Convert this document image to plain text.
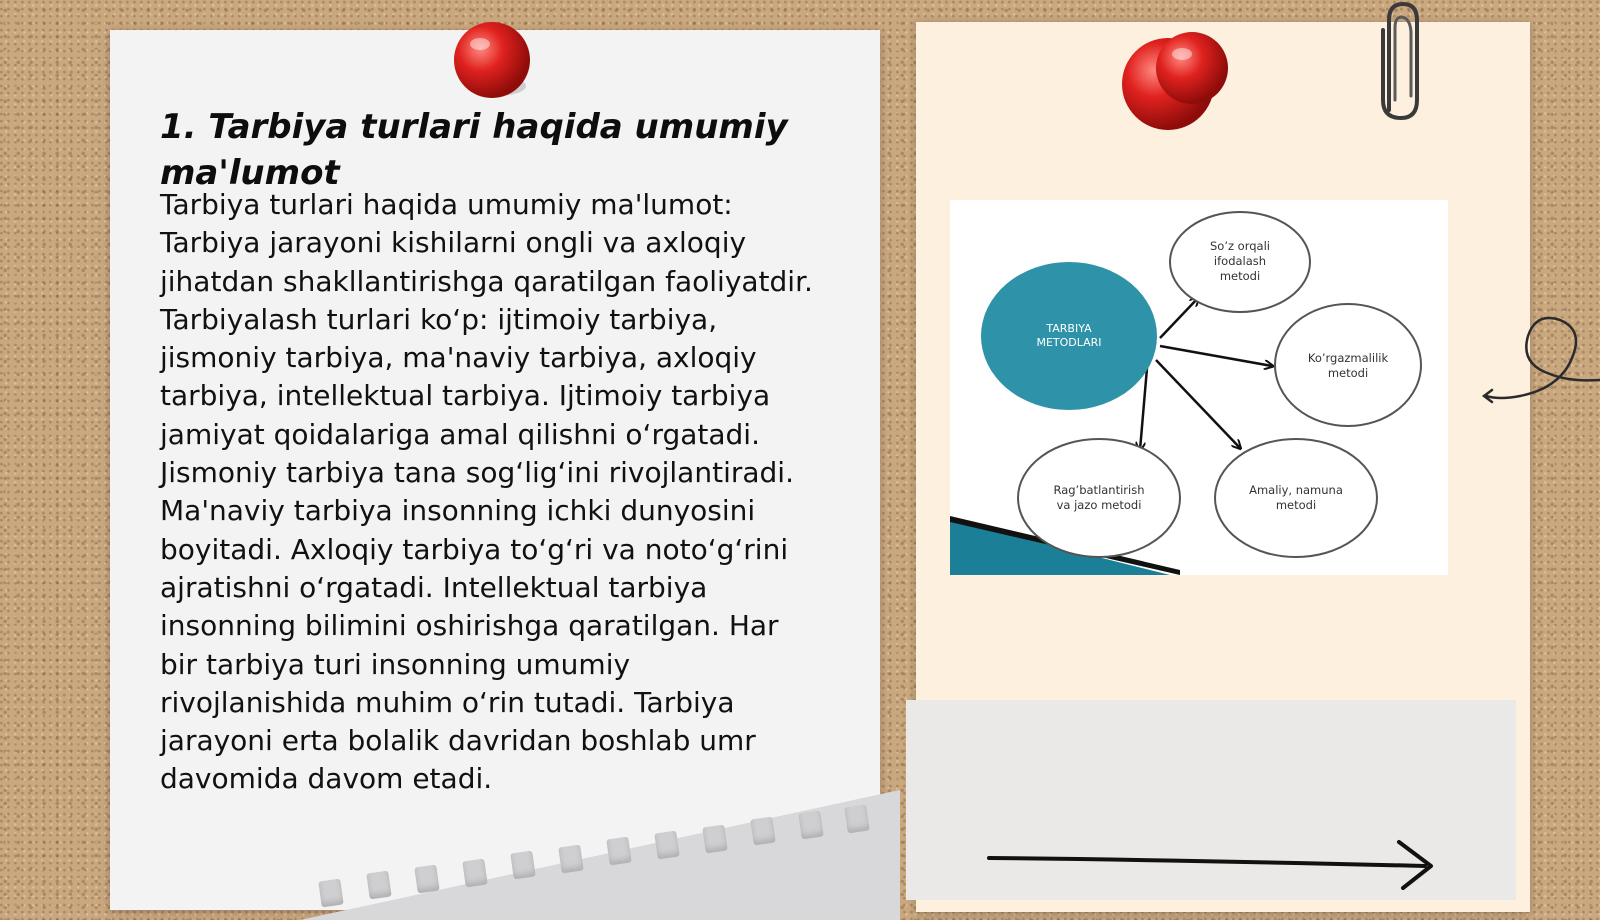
1. Tarbiya turlari haqida umumiy ma'lumot

Tarbiya turlari haqida umumiy ma'lumot: Tarbiya jarayoni kishilarni ongli va axloqiy jihatdan shakllantirishga qaratilgan faoliyatdir. Tarbiyalash turlari ko‘p: ijtimoiy tarbiya, jismoniy tarbiya, ma'naviy tarbiya, axloqiy tarbiya, intellektual tarbiya. Ijtimoiy tarbiya jamiyat qoidalariga amal qilishni o‘rgatadi. Jismoniy tarbiya tana sog‘lig‘ini rivojlantiradi. Ma'naviy tarbiya insonning ichki dunyosini boyitadi. Axloqiy tarbiya to‘g‘ri va noto‘g‘rini ajratishni o‘rgatadi. Intellektual tarbiya insonning bilimini oshirishga qaratilgan. Har bir tarbiya turi insonning umumiy rivojlanishida muhim o‘rin tutadi. Tarbiya jarayoni erta bolalik davridan boshlab umr davomida davom etadi.

TARBIYA
METODLARI
So’z orqali
ifodalash
metodi
Ko’rgazmalilik
metodi
Amaliy, namuna
metodi
Rag’batlantirish
va jazo metodi
